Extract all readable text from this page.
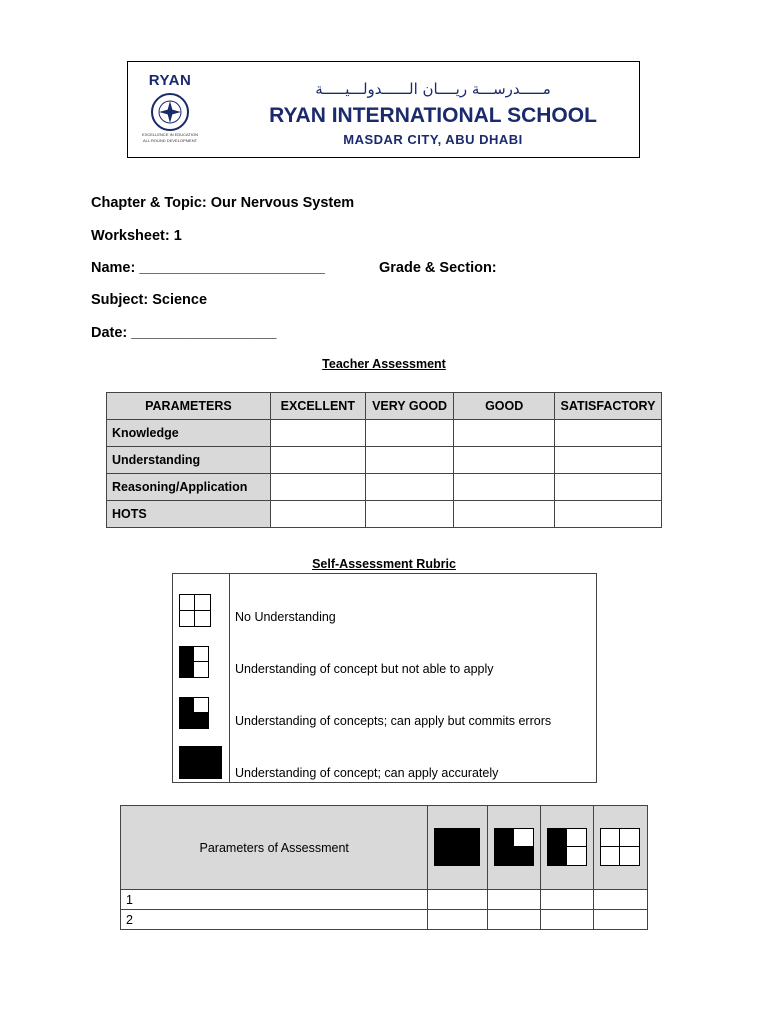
RYAN
EXCELLENCE IN EDUCATION
ALL ROUND DEVELOPMENT
مـــــدرســـة ريــــان الــــــدولـــيـــــة
RYAN INTERNATIONAL SCHOOL
MASDAR CITY, ABU DHABI
Chapter & Topic: Our Nervous System
Worksheet: 1
Name: _______________________	Grade & Section:
Subject: Science
Date: __________________
Teacher Assessment
PARAMETERS	EXCELLENT	VERY GOOD	GOOD	SATISFACTORY
Knowledge				
Understanding				
Reasoning/Application				
HOTS				
Self-Assessment Rubric
No Understanding
Understanding of concept but not able to apply
Understanding of concepts; can apply but commits errors
Understanding of concept; can apply accurately
Parameters of Assessment	

1				
2				
